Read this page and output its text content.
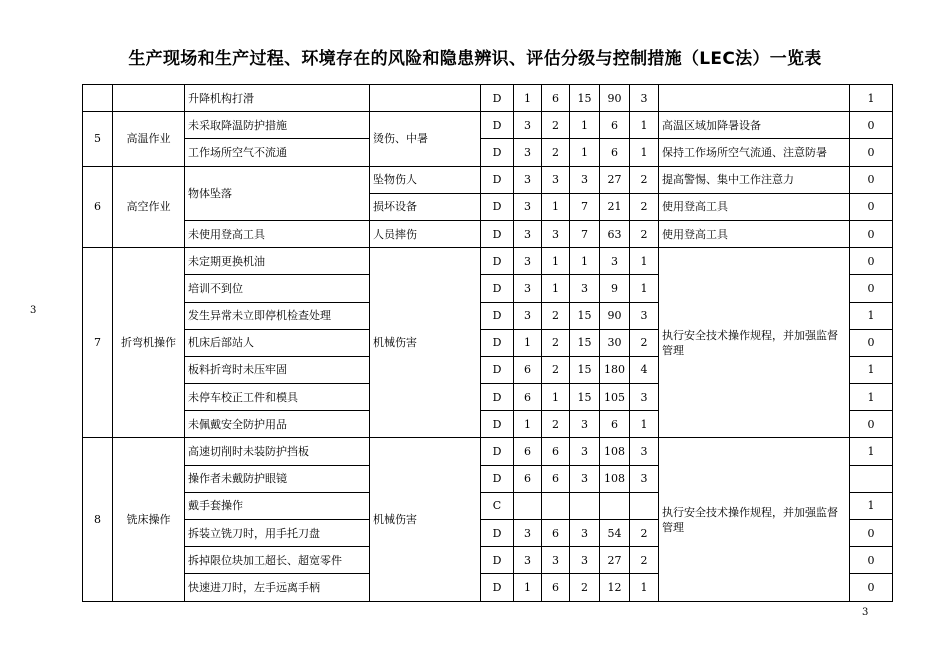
生产现场和生产过程、环境存在的风险和隐患辨识、评估分级与控制措施（LEC法）一览表
3
3
		升降机构打滑		D	1	6	15	90	3		1
5	高温作业	未采取降温防护措施	烫伤、中暑	D	3	2	1	6	1	高温区域加降暑设备	0
		工作场所空气不流通		D	3	2	1	6	1	保持工作场所空气流通、注意防暑	0
6	高空作业	物体坠落	坠物伤人	D	3	3	3	27	2	提高警惕、集中工作注意力	0
			损坏设备	D	3	1	7	21	2	使用登高工具	0
		未使用登高工具	人员摔伤	D	3	3	7	63	2	使用登高工具	0
7	折弯机操作	未定期更换机油	机械伤害	D	3	1	1	3	1	执行安全技术操作规程，并加强监督管理	0
		培训不到位		D	3	1	3	9	1		0
		发生异常未立即停机检查处理		D	3	2	15	90	3		1
		机床后部站人		D	1	2	15	30	2		0
		板料折弯时未压牢固		D	6	2	15	180	4		1
		未停车校正工件和模具		D	6	1	15	105	3		1
		未佩戴安全防护用品		D	1	2	3	6	1		0
8	铣床操作	高速切削时未装防护挡板	机械伤害	D	6	6	3	108	3	执行安全技术操作规程，并加强监督管理	1
		操作者未戴防护眼镜		D	6	6	3	108	3		
		戴手套操作		C							1
		拆装立铣刀时，用手托刀盘		D	3	6	3	54	2		0
		拆掉限位块加工超长、超宽零件		D	3	3	3	27	2		0
		快速进刀时，左手远离手柄		D	1	6	2	12	1		0
